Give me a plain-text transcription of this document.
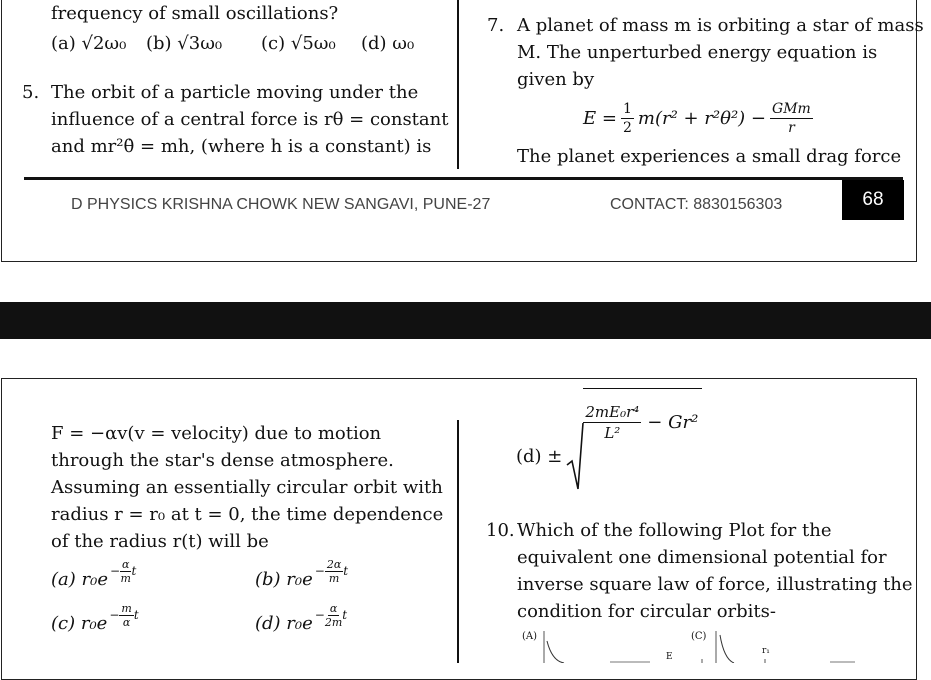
frequency of small oscillations?
(a) √2ω₀ (b) √3ω₀ (c) √5ω₀ (d) ω₀
5. The orbit of a particle moving under the
influence of a central force is rθ = constant
and mr²θ̇ = mh, (where h is a constant) is
7. A planet of mass m is orbiting a star of mass
M. The unperturbed energy equation is
given by
$E = \frac{1}{2} m(r^2 + r^2\theta^2) - \frac{\text{GMm}}{r}$
The planet experiences a small drag force
D PHYSICS KRISHNA CHOWK NEW SANGAVI, PUNE-27	CONTACT: 8830156303	68
F = −αv(v = velocity) due to motion
through the star's dense atmosphere.
Assuming an essentially circular orbit with
radius r = r₀ at t = 0, the time dependence
of the radius r(t) will be
(a) $r_0e - \frac{\alpha}{m}$ t	(b) $r_0e - \frac{2\alpha}{m}$ t
(c) $r_0e - \frac{m}{\alpha}$ t	(d) $r_0e - \frac{\alpha}{2m}$ t
(d) ±
$\frac{\text{2mE₀r⁴}}{\text{L²}} - Gr^2$
10. Which of the following Plot for the
equivalent one dimensional potential for
inverse square law of force, illustrating the
condition for circular orbits-
(A)	(C)
E
r₁
